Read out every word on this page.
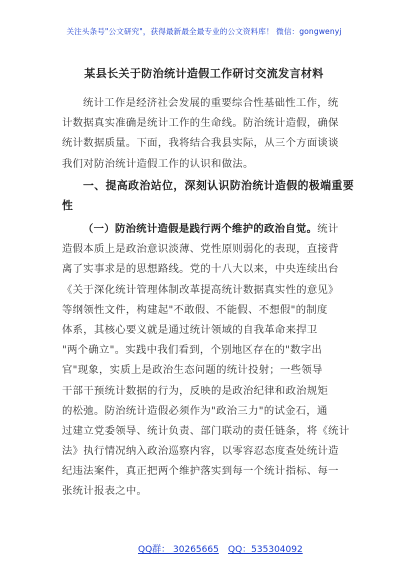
关注头条号"公文研究"，获得最新最全最专业的公文资料库！ 微信：gongwenyj
某县长关于防治统计造假工作研讨交流发言材料
统计工作是经济社会发展的重要综合性基础性工作，统
计数据真实准确是统计工作的生命线。防治统计造假，确保
统计数据质量。下面，我将结合我县实际，从三个方面谈谈
我们对防治统计造假工作的认识和做法。
一、提高政治站位，深刻认识防治统计造假的极端重要
性
（一）防治统计造假是践行两个维护的政治自觉。统计
造假本质上是政治意识淡薄、党性原则弱化的表现，直接背
离了实事求是的思想路线。党的十八大以来，中央连续出台
《关于深化统计管理体制改革提高统计数据真实性的意见》
等纲领性文件，构建起"不敢假、不能假、不想假"的制度
体系，其核心要义就是通过统计领域的自我革命来捍卫
"两个确立"。实践中我们看到，个别地区存在的"数字出
官"现象，实质上是政治生态问题的统计投射；一些领导
干部干预统计数据的行为，反映的是政治纪律和政治规矩
的松弛。防治统计造假必须作为"政治三力"的试金石，通
过建立党委领导、统计负责、部门联动的责任链条，将《统计
法》执行情况纳入政治巡察内容，以零容忍态度查处统计造
纪违法案件，真正把两个维护落实到每一个统计指标、每一
张统计报表之中。
QQ群： 30265665 QQ：535304092
